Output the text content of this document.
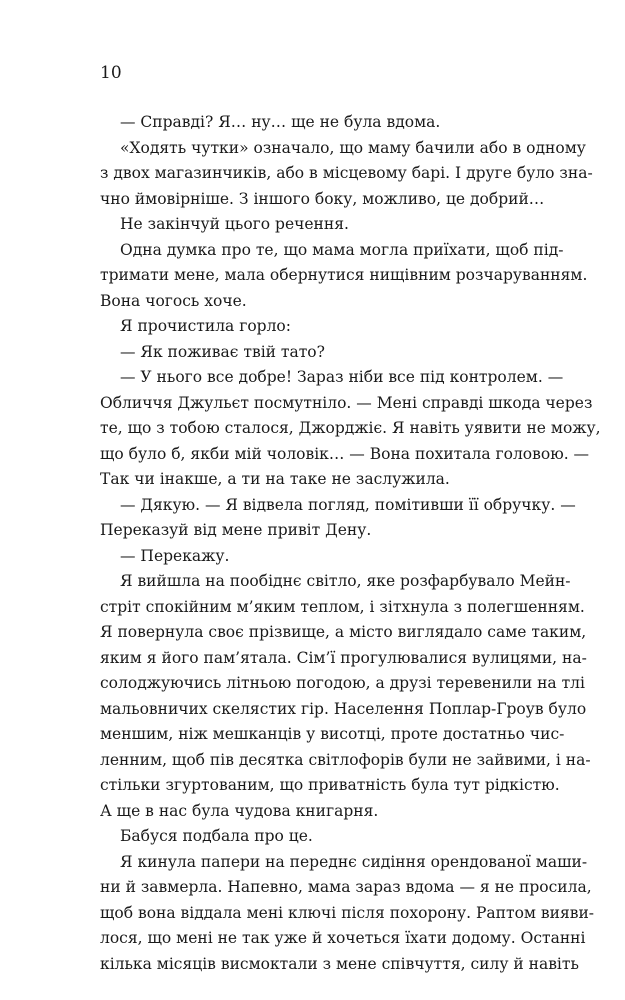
10
— Справді? Я… ну… ще не була вдома.
«Ходять чутки» означало, що маму бачили або в одному
з двох магазинчиків, або в місцевому барі. І друге було зна-
чно ймовірніше. З іншого боку, можливо, це добрий…
Не закінчуй цього речення.
Одна думка про те, що мама могла приїхати, щоб під-
тримати мене, мала обернутися нищівним розчаруванням.
Вона чогось хоче.
Я прочистила горло:
— Як поживає твій тато?
— У нього все добре! Зараз ніби все під контролем. —
Обличчя Джульєт посмутніло. — Мені справді шкода через
те, що з тобою сталося, Джорджіє. Я навіть уявити не можу,
що було б, якби мій чоловік… — Вона похитала головою. —
Так чи інакше, а ти на таке не заслужила.
— Дякую. — Я відвела погляд, помітивши її обручку. —
Переказуй від мене привіт Дену.
— Перекажу.
Я вийшла на пообіднє світло, яке розфарбувало Мейн-
стріт спокійним м’яким теплом, і зітхнула з полегшенням.
Я повернула своє прізвище, а місто виглядало саме таким,
яким я його пам’ятала. Сім’ї прогулювалися вулицями, на-
солоджуючись літньою погодою, а друзі теревенили на тлі
мальовничих скелястих гір. Населення Поплар-Гроув було
меншим, ніж мешканців у висотці, проте достатньо чис-
ленним, щоб пів десятка світлофорів були не зайвими, і на-
стільки згуртованим, що приватність була тут рідкістю.
А ще в нас була чудова книгарня.
Бабуся подбала про це.
Я кинула папери на переднє сидіння орендованої маши-
ни й завмерла. Напевно, мама зараз вдома — я не просила,
щоб вона віддала мені ключі після похорону. Раптом вияви-
лося, що мені не так уже й хочеться їхати додому. Останні
кілька місяців висмоктали з мене співчуття, силу й навіть
